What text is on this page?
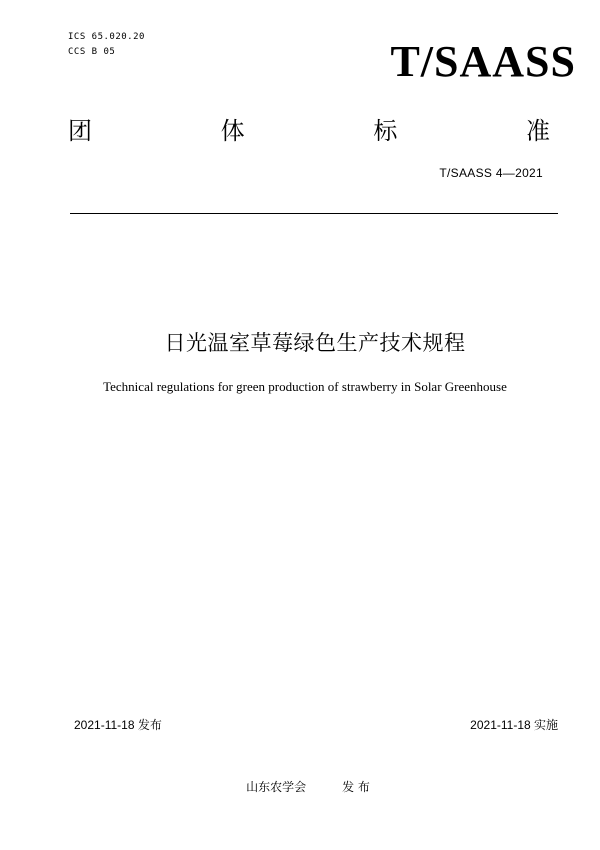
ICS 65.020.20
CCS B 05	T/SAASS
团	体	标	准
T/SAASS 4—2021
日光温室草莓绿色生产技术规程
Technical regulations for green production of strawberry in Solar Greenhouse
2021-11-18 发布	2021-11-18 实施
山东农学会	发 布
